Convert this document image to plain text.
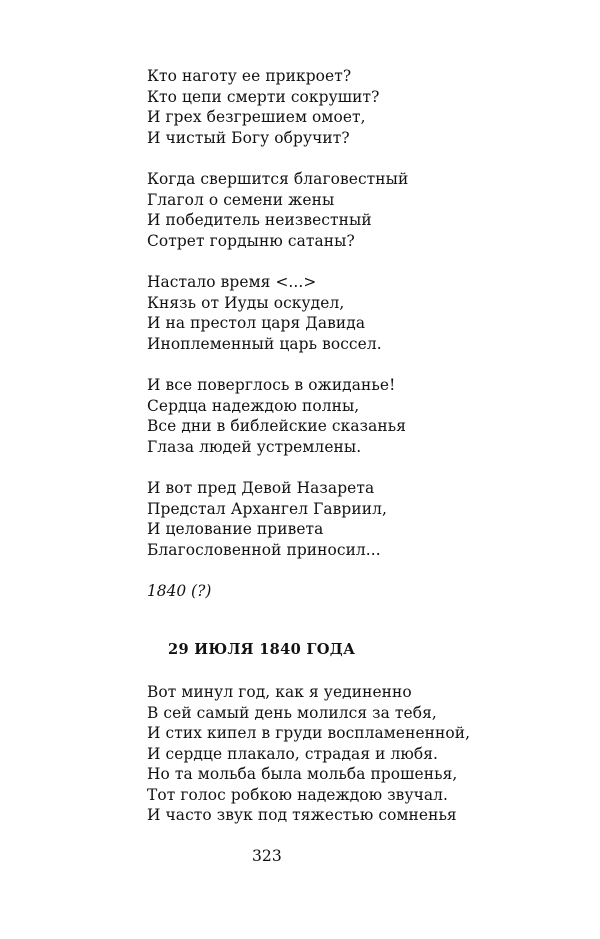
Кто наготу ее прикроет?
Кто цепи смерти сокрушит?
И грех безгрешием омоет,
И чистый Богу обручит?
Когда свершится благовестный
Глагол о семени жены
И победитель неизвестный
Сотрет гордыню сатаны?
Настало время <...>
Князь от Иуды оскудел,
И на престол царя Давида
Иноплеменный царь воссел.
И все поверглось в ожиданье!
Сердца надеждою полны,
Все дни в библейские сказанья
Глаза людей устремлены.
И вот пред Девой Назарета
Предстал Архангел Гавриил,
И целование привета
Благословенной приносил...
1840 (?)
29 ИЮЛЯ 1840 ГОДА
Вот минул год, как я уединенно
В сей самый день молился за тебя,
И стих кипел в груди воспламененной,
И сердце плакало, страдая и любя.
Но та мольба была мольба прошенья,
Тот голос робкою надеждою звучал.
И часто звук под тяжестью сомненья
323
